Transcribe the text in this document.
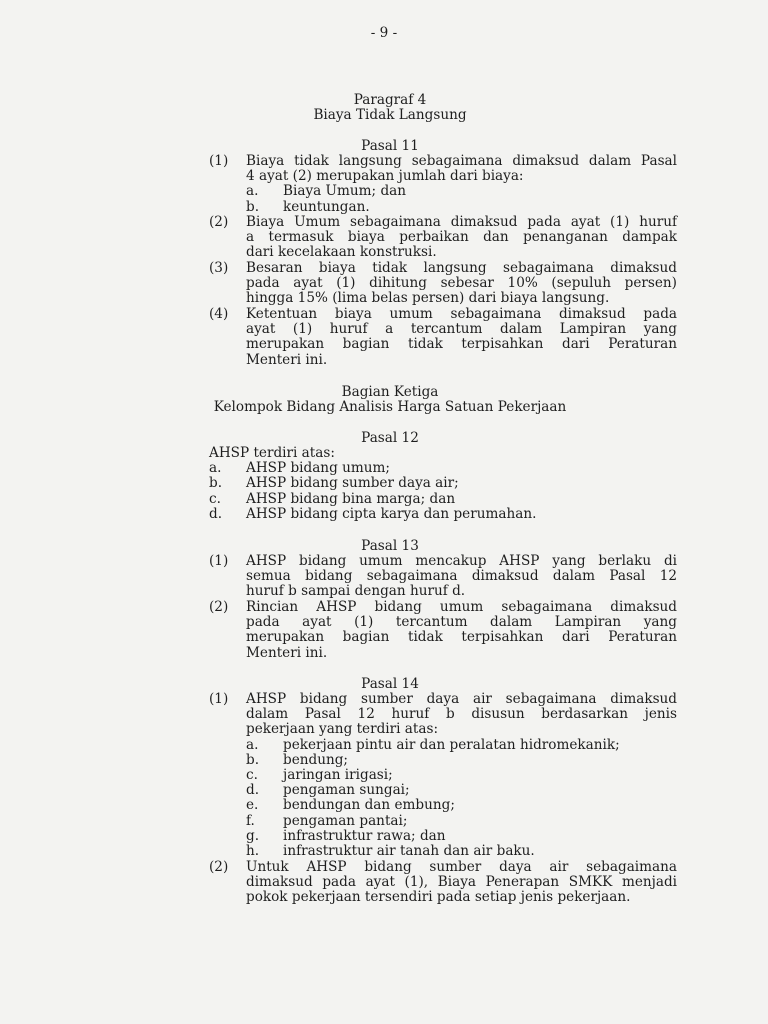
- 9 -
Paragraf 4
Biaya Tidak Langsung
Pasal 11
(1) Biaya tidak langsung sebagaimana dimaksud dalam Pasal
4 ayat (2) merupakan jumlah dari biaya:
a.	Biaya Umum; dan
b.	keuntungan.
(2) Biaya Umum sebagaimana dimaksud pada ayat (1) huruf
a termasuk biaya perbaikan dan penanganan dampak
dari kecelakaan konstruksi.
(3) Besaran biaya tidak langsung sebagaimana dimaksud
pada ayat (1) dihitung sebesar 10% (sepuluh persen)
hingga 15% (lima belas persen) dari biaya langsung.
(4) Ketentuan biaya umum sebagaimana dimaksud pada
ayat (1) huruf a tercantum dalam Lampiran yang
merupakan bagian tidak terpisahkan dari Peraturan
Menteri ini.
Bagian Ketiga
Kelompok Bidang Analisis Harga Satuan Pekerjaan
Pasal 12
AHSP terdiri atas:
a.	AHSP bidang umum;
b.	AHSP bidang sumber daya air;
c.	AHSP bidang bina marga; dan
d.	AHSP bidang cipta karya dan perumahan.
Pasal 13
(1) AHSP bidang umum mencakup AHSP yang berlaku di
semua bidang sebagaimana dimaksud dalam Pasal 12
huruf b sampai dengan huruf d.
(2) Rincian AHSP bidang umum sebagaimana dimaksud
pada ayat (1) tercantum dalam Lampiran yang
merupakan bagian tidak terpisahkan dari Peraturan
Menteri ini.
Pasal 14
(1) AHSP bidang sumber daya air sebagaimana dimaksud
dalam Pasal 12 huruf b disusun berdasarkan jenis
pekerjaan yang terdiri atas:
a.	pekerjaan pintu air dan peralatan hidromekanik;
b.	bendung;
c.	jaringan irigasi;
d.	pengaman sungai;
e.	bendungan dan embung;
f.	pengaman pantai;
g.	infrastruktur rawa; dan
h.	infrastruktur air tanah dan air baku.
(2) Untuk AHSP bidang sumber daya air sebagaimana
dimaksud pada ayat (1), Biaya Penerapan SMKK menjadi
pokok pekerjaan tersendiri pada setiap jenis pekerjaan.
